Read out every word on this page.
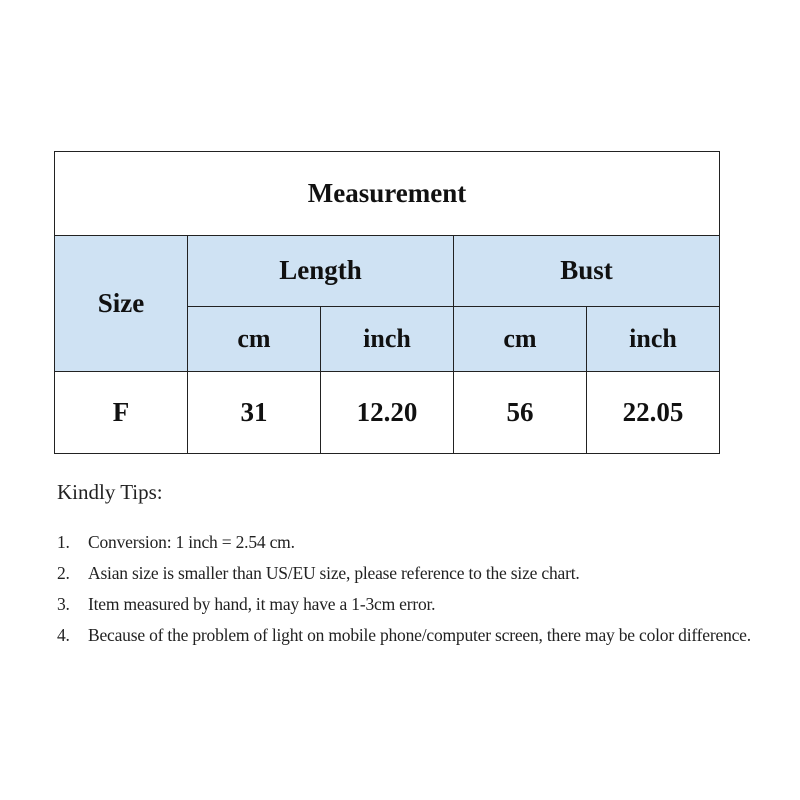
Measurement				
Size	Length		Bust	
	cm	inch	cm	inch
F	31	12.20	56	22.05
Kindly Tips:
1.	Conversion: 1 inch = 2.54 cm.
2.	Asian size is smaller than US/EU size, please reference to the size chart.
3.	Item measured by hand, it may have a 1-3cm error.
4.	Because of the problem of light on mobile phone/computer screen, there may be color difference.
